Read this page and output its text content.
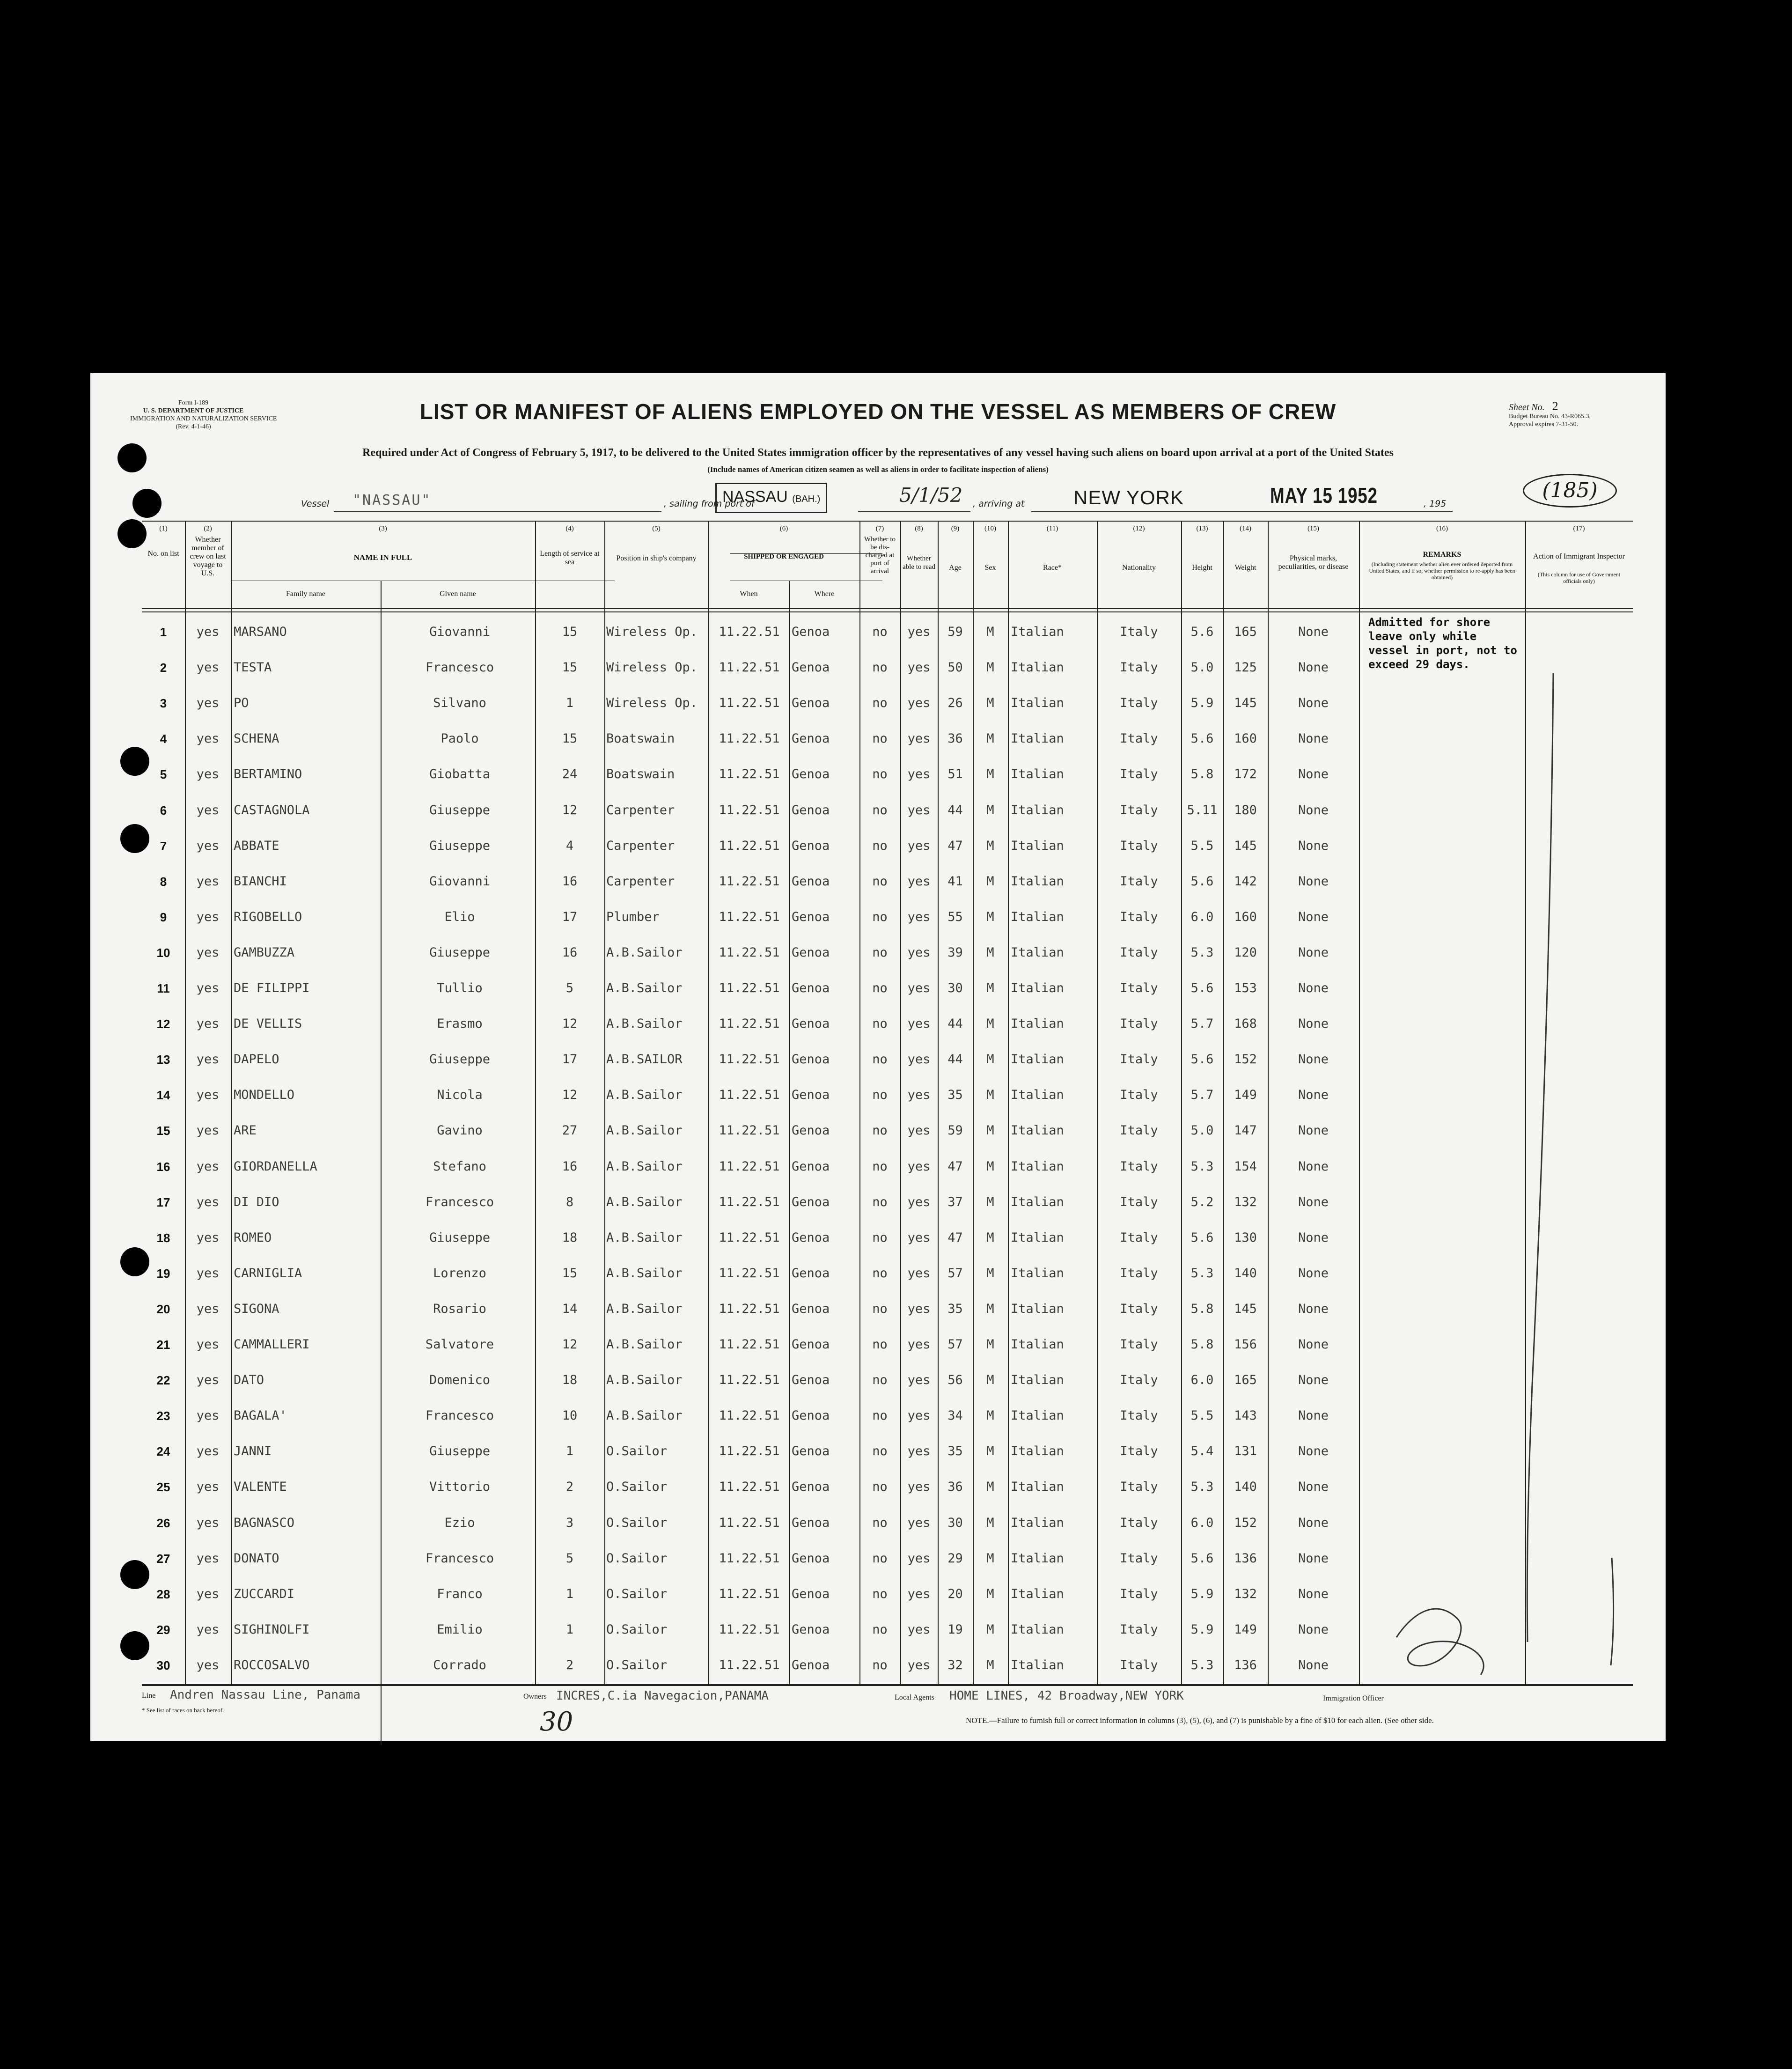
Form I-189
U. S. DEPARTMENT OF JUSTICE
IMMIGRATION AND NATURALIZATION SERVICE
(Rev. 4-1-46)
LIST OR MANIFEST OF ALIENS EMPLOYED ON THE VESSEL AS MEMBERS OF CREW	Sheet No. 2
Budget Bureau No. 43-R065.3.
Approval expires 7-31-50.
Required under Act of Congress of February 5, 1917, to be delivered to the United States immigration officer by the representatives of any vessel having such aliens on board upon arrival at a port of the United States
(Include names of American citizen seamen as well as aliens in order to facilitate inspection of aliens)
Vessel "NASSAU"	, sailing from port of
NASSAU (BAH.)	5/1/52 , arriving at NEW YORK	MAY 15 1952	, 195
(185)
(1)
No. on list
(2)
Whether member of crew on last voyage to U.S.
(3)
NAME IN FULL
Family name	Given name
(4)
Length of service at sea
(5)
Position in ship's company
(6)
SHIPPED OR ENGAGED
When	Where
(7)
Whether to be dis-charged at port of arrival
(8)
Whether able to read
(9)
Age
(10)
Sex
(11)
Race*
(12)
Nationality
(13)
Height
(14)
Weight
(15)
Physical marks, peculiarities, or disease
(16)
REMARKS
(Including statement whether alien ever ordered deported from United States, and if so, whether permission to re-apply has been obtained)
(17)
Action of Immigrant Inspector
(This column for use of Government officials only)
Admitted for shore leave only while vessel in port, not to exceed 29 days.
1	yes	MARSANO	Giovanni	15	Wireless Op.	11.22.51 Genoa	no	yes	59	M	Italian	Italy	5.6	165	None
2	yes	TESTA	Francesco	15	Wireless Op.	11.22.51 Genoa	no	yes	50	M	Italian	Italy	5.0	125	None
3	yes	PO	Silvano	1	Wireless Op.	11.22.51 Genoa	no	yes	26	M	Italian	Italy	5.9	145	None
4	yes	SCHENA	Paolo	15	Boatswain	11.22.51 Genoa	no	yes	36	M	Italian	Italy	5.6	160	None
5	yes	BERTAMINO	Giobatta	24	Boatswain	11.22.51 Genoa	no	yes	51	M	Italian	Italy	5.8	172	None
6	yes	CASTAGNOLA	Giuseppe	12	Carpenter	11.22.51 Genoa	no	yes	44	M	Italian	Italy	5.11	180	None
7	yes	ABBATE	Giuseppe	4	Carpenter	11.22.51 Genoa	no	yes	47	M	Italian	Italy	5.5	145	None
8	yes	BIANCHI	Giovanni	16	Carpenter	11.22.51 Genoa	no	yes	41	M	Italian	Italy	5.6	142	None
9	yes	RIGOBELLO	Elio	17	Plumber	11.22.51 Genoa	no	yes	55	M	Italian	Italy	6.0	160	None
10	yes	GAMBUZZA	Giuseppe	16	A.B.Sailor	11.22.51 Genoa	no	yes	39	M	Italian	Italy	5.3	120	None
11	yes	DE FILIPPI	Tullio	5	A.B.Sailor	11.22.51 Genoa	no	yes	30	M	Italian	Italy	5.6	153	None
12	yes	DE VELLIS	Erasmo	12	A.B.Sailor	11.22.51 Genoa	no	yes	44	M	Italian	Italy	5.7	168	None
13	yes	DAPELO	Giuseppe	17	A.B.SAILOR	11.22.51 Genoa	no	yes	44	M	Italian	Italy	5.6	152	None
14	yes	MONDELLO	Nicola	12	A.B.Sailor	11.22.51 Genoa	no	yes	35	M	Italian	Italy	5.7	149	None
15	yes	ARE	Gavino	27	A.B.Sailor	11.22.51 Genoa	no	yes	59	M	Italian	Italy	5.0	147	None
16	yes	GIORDANELLA	Stefano	16	A.B.Sailor	11.22.51 Genoa	no	yes	47	M	Italian	Italy	5.3	154	None
17	yes	DI DIO	Francesco	8	A.B.Sailor	11.22.51 Genoa	no	yes	37	M	Italian	Italy	5.2	132	None
18	yes	ROMEO	Giuseppe	18	A.B.Sailor	11.22.51 Genoa	no	yes	47	M	Italian	Italy	5.6	130	None
19	yes	CARNIGLIA	Lorenzo	15	A.B.Sailor	11.22.51 Genoa	no	yes	57	M	Italian	Italy	5.3	140	None
20	yes	SIGONA	Rosario	14	A.B.Sailor	11.22.51 Genoa	no	yes	35	M	Italian	Italy	5.8	145	None
21	yes	CAMMALLERI	Salvatore	12	A.B.Sailor	11.22.51 Genoa	no	yes	57	M	Italian	Italy	5.8	156	None
22	yes	DATO	Domenico	18	A.B.Sailor	11.22.51 Genoa	no	yes	56	M	Italian	Italy	6.0	165	None
23	yes	BAGALA'	Francesco	10	A.B.Sailor	11.22.51 Genoa	no	yes	34	M	Italian	Italy	5.5	143	None
24	yes	JANNI	Giuseppe	1	O.Sailor	11.22.51 Genoa	no	yes	35	M	Italian	Italy	5.4	131	None
25	yes	VALENTE	Vittorio	2	O.Sailor	11.22.51 Genoa	no	yes	36	M	Italian	Italy	5.3	140	None
26	yes	BAGNASCO	Ezio	3	O.Sailor	11.22.51 Genoa	no	yes	30	M	Italian	Italy	6.0	152	None
27	yes	DONATO	Francesco	5	O.Sailor	11.22.51 Genoa	no	yes	29	M	Italian	Italy	5.6	136	None
28	yes	ZUCCARDI	Franco	1	O.Sailor	11.22.51 Genoa	no	yes	20	M	Italian	Italy	5.9	132	None
29	yes	SIGHINOLFI	Emilio	1	O.Sailor	11.22.51 Genoa	no	yes	19	M	Italian	Italy	5.9	149	None
30	yes	ROCCOSALVO	Corrado	2	O.Sailor	11.22.51 Genoa	no	yes	32	M	Italian	Italy	5.3	136	None
Line Andren Nassau Line, Panama	Owners INCRES,C.ia Navegacion,PANAMA	Local Agents HOME LINES, 42 Broadway,NEW YORK	Immigration Officer
* See list of races on back hereof.
NOTE.—Failure to furnish full or correct information in columns (3), (5), (6), and (7) is punishable by a fine of $10 for each alien. (See other side.
30
